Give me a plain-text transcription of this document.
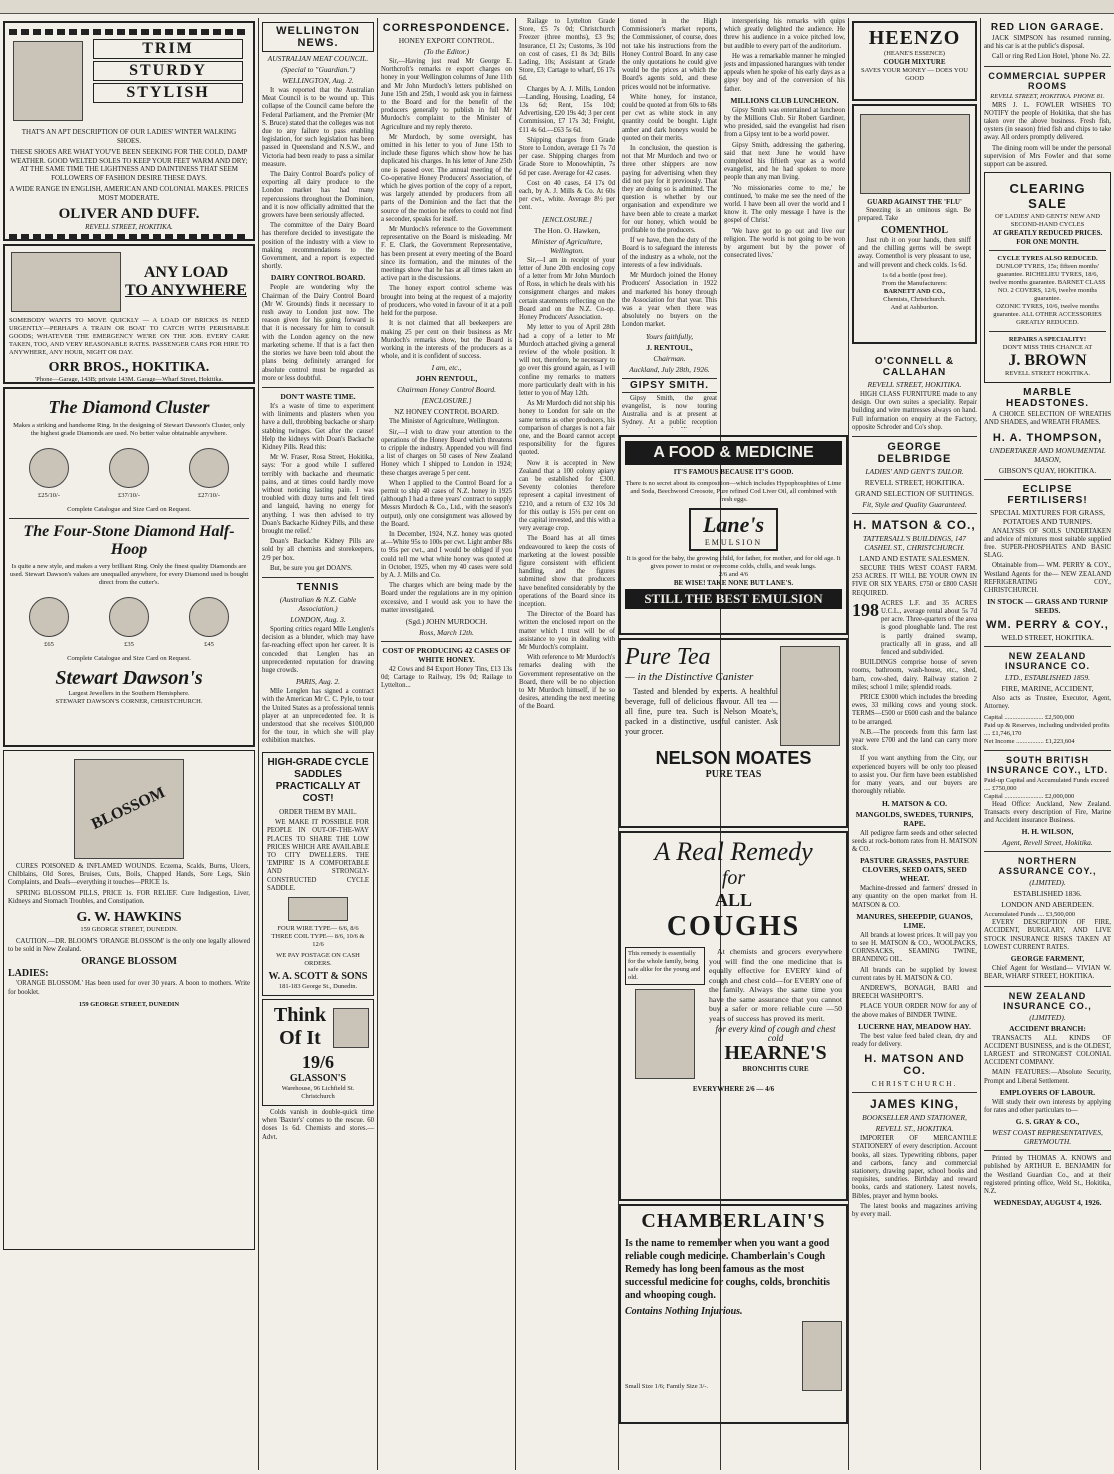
TRIM
STURDY
STYLISH
THAT'S AN APT DESCRIPTION OF OUR LADIES' WINTER WALKING SHOES.
THESE SHOES ARE WHAT YOU'VE BEEN SEEKING FOR THE COLD, DAMP WEATHER. GOOD WELTED SOLES TO KEEP YOUR FEET WARM AND DRY; AT THE SAME TIME THE LIGHTNESS AND DAINTINESS THAT SEEM FOLLOWERS OF FASHION DESIRE THESE DAYS.
A WIDE RANGE IN ENGLISH, AMERICAN AND COLONIAL MAKES. PRICES MOST MODERATE.
OLIVER AND DUFF.
REVELL STREET, HOKITIKA.
ANY LOAD
TO ANYWHERE
SOMEBODY WANTS TO MOVE QUICKLY — A LOAD OF BRICKS IS NEED URGENTLY—PERHAPS A TRAIN OR BOAT TO CATCH WITH PERISHABLE GOODS; WHATEVER THE EMERGENCY WE'RE ON THE JOB. EVERY CARE TAKEN, TOO, AND VERY REASONABLE RATES. PASSENGER CARS FOR HIRE TO ANYWHERE, ANY HOUR, NIGHT OR DAY.
ORR BROS., HOKITIKA.
'Phone—Garage, 143B; private 143M. Garage—Wharf Street, Hokitika.
The Diamond Cluster
Makes a striking and handsome Ring. In the designing of Stewart Dawson's Cluster, only the highest grade Diamonds are used. No better value obtainable anywhere.
£25/10/-	£37/10/-	£27/10/-
Complete Catalogue and Size Card on Request.
The Four-Stone Diamond Half-Hoop
Is quite a new style, and makes a very brilliant Ring. Only the finest quality Diamonds are used. Stewart Dawson's values are unequalled anywhere, for every Diamond used is bought direct from the cutter's.
£65	£35	£45
Complete Catalogue and Size Card on Request.
Stewart Dawson's
Largest Jewellers in the Southern Hemisphere.
STEWART DAWSON'S CORNER, CHRISTCHURCH.
BLOSSOM

CURES POISONED & INFLAMED WOUNDS. Eczema, Scalds, Burns, Ulcers, Chilblains, Old Sores, Bruises, Cuts, Boils, Chapped Hands, Sore Legs, Skin Complaints, and Deafs—everything it touches—PRICE 1s.

SPRING BLOSSOM PILLS, PRICE 1s. FOR RELIEF. Cure Indigestion, Liver, Kidneys and Stomach Troubles, and Constipation.

G. W. HAWKINS
159 GEORGE STREET, DUNEDIN.

CAUTION.—DR. BLOOM'S 'ORANGE BLOSSOM' is the only one legally allowed to be sold in New Zealand.

ORANGE BLOSSOM
LADIES:

'ORANGE BLOSSOM.' Has been used for over 30 years. A boon to mothers. Write for booklet.

159 GEORGE STREET, DUNEDIN
WELLINGTON NEWS.
AUSTRALIAN MEAT COUNCIL.
(Special to "Guardian.")
WELLINGTON, Aug. 2.

It was reported that the Australian Meat Council is to be wound up. This collapse of the Council came before the Federal Parliament, and the Premier (Mr S. Bruce) stated that the colleges was not due to any failure to pass enabling legislation, for such legislation has been passed in Queensland and N.S.W., and Victoria had been ready to pass a similar measure.

The Dairy Control Board's policy of exporting all dairy produce to the London market has had many repercussions throughout the Dominion, and it is now officially admitted that the growers have been seriously affected.

The committee of the Dairy Board has therefore decided to investigate the position of the industry with a view to making recommendations to the Government, and a report is expected shortly.

DAIRY CONTROL BOARD.

People are wondering why the Chairman of the Dairy Control Board (Mr W. Grounds) finds it necessary to rush away to London just now. The reason given for his going forward is that it is necessary for him to consult with the London agency on the new marketing scheme. If that is a fact then the stories we have been told about the plans being definitely arranged for absolute control must be regarded as more or less doubtful.

DON'T WASTE TIME.

It's a waste of time to experiment with liniments and plasters when you have a dull, throbbing backache or sharp stabbing twinges. Get after the cause! Help the kidneys with Doan's Backache Kidney Pills. Read this:

Mr W. Fraser, Rosa Street, Hokitika, says: 'For a good while I suffered terribly with backache and rheumatic pains, and at times could hardly move without noticing lasting pain. I was troubled with dizzy turns and felt tired and languid, having no energy for anything. I was then advised to try Doan's Backache Kidney Pills, and these brought me relief.'

Doan's Backache Kidney Pills are sold by all chemists and storekeepers, 2/9 per box.

But, be sure you get DOAN'S.

TENNIS
(Australian & N.Z. Cable Association.)
LONDON, Aug. 3.

Sporting critics regard Mlle Lenglen's decision as a blunder, which may have far-reaching effect upon her career. It is conceded that Lenglen has an unprecedented reputation for drawing huge crowds.

PARIS, Aug. 2.

Mlle Lenglen has signed a contract with the American Mr C. C. Pyle, to tour the United States as a professional tennis player at an unprecedented fee. It is understood that she receives $100,000 for the tour, in which she will play exhibition matches.

HIGH-GRADE CYCLE SADDLES PRACTICALLY AT COST!
ORDER THEM BY MAIL.

WE MAKE IT POSSIBLE FOR PEOPLE IN OUT-OF-THE-WAY PLACES TO SHARE THE LOW PRICES WHICH ARE AVAILABLE TO CITY DWELLERS. THE 'EMPIRE' IS A COMFORTABLE AND STRONGLY-CONSTRUCTED CYCLE SADDLE.

FOUR WIRE TYPE— 6/6, 8/6
THREE COIL TYPE— 8/6, 10/6 & 12/6
WE PAY POSTAGE ON CASH ORDERS.
W. A. SCOTT & SONS
181-183 George St., Dunedin.
Think Of It
19/6
GLASSON'S
Warehouse, 96 Lichfield St. Christchurch

Colds vanish in double-quick time when 'Baxter's' comes to the rescue. 60 doses 1s 6d. Chemists and stores.—Advt.

CORRESPONDENCE.
HONEY EXPORT CONTROL.
(To the Editor.)

Sir,—Having just read Mr George E. Northcroft's remarks re export charges on honey in your Wellington columns of June 11th and Mr John Murdoch's letters published on June 15th and 25th, I would ask you in fairness to the Board and for the benefit of the producers generally to publish in full Mr Murdoch's complaint to the Minister of Agriculture and my reply thereto.

Mr Murdoch, by some oversight, has omitted in his letter to you of June 15th to include these figures which show how he has duplicated his charges. In his letter of June 25th one is passed over. The annual meeting of the Co-operative Honey Producers' Association, of which he gives portion of the copy of a report, was largely attended by producers from all parts of the Dominion and the fact that the source of the motion he refers to could not find a seconder, speaks for itself.

Mr Murdoch's reference to the Government representative on the Board is misleading. Mr F. E. Clark, the Government Representative, has been present at every meeting of the Board since its formation, and the minutes of the meetings show that he has at all times taken an active part in the discussions.

The honey export control scheme was brought into being at the request of a majority of producers, who voted in favour of it at a poll held for the purpose.

It is not claimed that all beekeepers are making 25 per cent on their business as Mr Murdoch's remarks show, but the Board is working in the interests of the producers as a whole, and it is confident of success.

I am, etc.,
JOHN RENTOUL,
Chairman Honey Control Board.
[ENCLOSURE.]
NZ HONEY CONTROL BOARD.

The Minister of Agriculture, Wellington.

Sir,—I wish to draw your attention to the operations of the Honey Board which threatens to cripple the industry. Appended you will find a list of charges on 50 cases of New Zealand Honey which I shipped to London in 1924; these charges average 5 per cent.

When I applied to the Control Board for a permit to ship 40 cases of N.Z. honey in 1925 (although I had a three years' contract to supply Messrs Murdoch & Co., Ltd., with the season's output), only one consignment was allowed by the Board.

In December, 1924, N.Z. honey was quoted at—White 95s to 100s per cwt. Light amber 88s to 95s per cwt., and I would be obliged if you could tell me what white honey was quoted at in October, 1925, when my 40 cases were sold by A. J. Mills and Co.

The charges which are being made by the Board under the regulations are in my opinion excessive, and I would ask you to have the matter investigated.

(Sgd.) JOHN MURDOCH.
Ross, March 12th.
COST OF PRODUCING 42 CASES OF WHITE HONEY.

42 Cows and 84 Export Honey Tins, £13 13s 0d; Cartage to Railway, 19s 0d; Railage to Lyttelton...

Railage to Lyttelton Grade Store, £5 7s 0d; Christchurch Freezer (three months), £3 9s; Insurance, £1 2s; Customs, 3s 10d on cost of cases, £1 8s 3d; Bills Lading, 10s; Assistant at Grade Store, £3; Cartage to wharf, £6 17s 6d.

Charges by A. J. Mills, London—Landing, Housing, Loading, £4 13s 6d; Rent, 15s 10d; Advertising, £20 19s 4d; 3 per cent Commission, £7 17s 3d; Freight, £11 4s 6d.—£63 5s 6d.

Shipping charges from Grade Store to London, average £1 7s 7d per case. Shipping charges from Grade Store to Monowhiptin, 7s 6d per case. Average for 42 cases.

Cost on 40 cases, £4 17s 0d each, by A. J. Mills & Co. At 60s per cwt., white. Average 8½ per cent.

[ENCLOSURE.]
The Hon. O. Hawken,
Minister of Agriculture, Wellington.

Sir,—I am in receipt of your letter of June 20th enclosing copy of a letter from Mr John Murdoch of Ross, in which he deals with his consignment charges and makes certain statements reflecting on the Board and on the N.Z. Co-op. Honey Producers' Association.

My letter to you of April 28th had a copy of a letter to Mr Murdoch attached giving a general review of the whole position. It will not, therefore, be necessary to go over this ground again, as I will confine my remarks to matters more particularly dealt with in his letter to you of May 12th.

As Mr Murdoch did not ship his honey to London for sale on the same terms as other producers, his comparison of charges is not a fair one, and the Board cannot accept responsibility for the figures quoted.

Now it is accepted in New Zealand that a 100 colony apiary can be established for £300. Seventy colonies therefore represent a capital investment of £210, and a return of £32 10s 3d for this outlay is 15½ per cent on the capital invested, and this with a very average crop.

The Board has at all times endeavoured to keep the costs of marketing at the lowest possible figure consistent with efficient handling, and the figures submitted show that producers have benefited considerably by the operations of the Board since its inception.

The Director of the Board has written the enclosed report on the matter which I trust will be of assistance to you in dealing with Mr Murdoch's complaint.

With reference to Mr Murdoch's remarks dealing with the Government representative on the Board, there will be no objection to Mr Murdoch himself, if he so desires, attending the next meeting of the Board.

tioned in the High Commissioner's market reports, the Commissioner, of course, does not take his instructions from the Honey Control Board. In any case the only quotations he could give would be the prices at which the Board's agents sold, and these prices would not be informative.

White honey, for instance, could be quoted at from 60s to 68s per cwt as white stock in any quantity could be bought. Light amber and dark honeys would be quoted on their merits.

In conclusion, the question is not that Mr Murdoch and two or three other shippers are now paying for advertising when they did not pay for it previously. That they are doing so is admitted. The question is whether by our organisation and expenditure we have been able to create a market for our honey, which would be profitable to the producers.

If we have, then the duty of the Board is to safeguard the interests of the industry as a whole, not the interests of a few individuals.

Mr Murdoch joined the Honey Producers' Association in 1922 and marketed his honey through the Association for that year. This was a year when there was absolutely no buyers on the London market.

Yours faithfully,
J. RENTOUL,
Chairman.
Auckland, July 28th, 1926.
GIPSY SMITH.

Gipsy Smith, the great evangelist, is now touring Australia and is at present at Sydney. At a public reception

intersperising his remarks with quips which greatly delighted the audience. He threw his audience in a voice pitched low, but audible to every part of the auditorium.

He was a remarkable manner he mingled jests and impassioned harangues with tender appeals when he spoke of his early days as a gipsy boy and of the conversion of his father.

MILLIONS CLUB LUNCHEON.

Gipsy Smith was entertained at luncheon by the Millions Club. Sir Robert Gardiner, who presided, said the evangelist had risen from a Gipsy tent to be a world power.

Gipsy Smith, addressing the gathering, said that next June he would have completed his fiftieth year as a world evangelist, and he had spoken to more people than any man living.

'No missionaries come to me,' he continued, 'to make me see the need of the world. I have been all over the world and I know it. The only message I have is the gospel of Christ.'

'We have got to go out and live our religion. The world is not going to be won by argument but by the power of consecrated lives.'

HEENZO
(HEANE'S ESSENCE)
COUGH MIXTURE
SAVES YOUR MONEY — DOES YOU GOOD
GUARD AGAINST THE 'FLU'

Sneezing is an ominous sign. Be prepared. Take

COMENTHOL

Just rub it on your hands, then sniff and the chilling germs will be swept away. Comenthol is very pleasant to use, and will prevent and check colds. 1s 6d.

1s 6d a bottle (post free).
From the Manufacturers:
BARNETT AND CO.,
Chemists, Christchurch.
And at Ashburton.
A FOOD & MEDICINE
IT'S FAMOUS BECAUSE IT'S GOOD.
There is no secret about its composition—which includes Hypophosphites of Lime and Soda, Beechwood Creosote, Pure refined Cod Liver Oil, all combined with fresh eggs.
Lane's
EMULSION
It is good for the baby, the growing child, for father, for mother, and for old age. It gives power to resist or overcome colds, chills, and weak lungs.
2/6 and 4/6
BE WISE! TAKE NONE BUT LANE'S.
STILL THE BEST EMULSION
Pure Tea
— in the Distinctive Canister

Tasted and blended by experts. A healthful beverage, full of delicious flavour. All tea — all fine, pure tea. Such is Nelson Moate's, packed in a distinctive, useful canister. Ask your grocer.

NELSON MOATES
PURE TEAS
A Real Remedy
for
ALL
COUGHS
This remedy is essentially for the whole family, being safe alike for the young and old.

At chemists and grocers everywhere you will find the one medicine that is equally effective for EVERY kind of cough and chest cold—for EVERY one of the family. Always the same time you have the same assurance that you cannot buy a safer or more reliable cure —50 years of success has proved its merit.

for every kind of cough and chest cold
HEARNE'S
BRONCHITIS CURE
EVERYWHERE 2/6 — 4/6
CHAMBERLAIN'S
Is the name to remember when you want a good reliable cough medicine. Chamberlain's Cough Remedy has long been famous as the most successful medicine for coughs, colds, bronchitis and whooping cough.
Contains Nothing Injurious.
Small Size 1/6; Family Size 3/-.
O'CONNELL & CALLAHAN
REVELL STREET, HOKITIKA.

HIGH CLASS FURNITURE made to any design. Our own suites a speciality. Repair building and wire mattresses always on hand. Full information on enquiry at the Factory, opposite Schroder and Co's shop.

GEORGE DELBRIDGE
LADIES' AND GENT'S TAILOR.
REVELL STREET, HOKITIKA.
GRAND SELECTION OF SUITINGS.
Fit, Style and Quality Guaranteed.
H. MATSON & CO.,
TATTERSALL'S BUILDINGS, 147 CASHEL ST., CHRISTCHURCH.
LAND AND ESTATE SALESMEN.

SECURE THIS WEST COAST FARM. 253 ACRES. IT WILL BE YOUR OWN IN FIVE OR SIX YEARS. £750 or £800 CASH REQUIRED.

198 ACRES L.F. and 35 ACRES U.C.L., average rental about 5s 7d per acre. Three-quarters of the area is good ploughable land. The rest is partly drained swamp, practically all in grass, and all fenced and subdivided.

BUILDINGS comprise house of seven rooms, bathroom, wash-house, etc., shed, barn, cow-shed, dairy. Railway station 2 miles; school 1 mile; splendid roads.

PRICE £3000 which includes the breeding ewes, 33 milking cows and young stock. TERMS—£500 or £600 cash and the balance to be arranged.

N.B.—The proceeds from this farm last year were £700 and the land can carry more stock.

If you want anything from the City, our experienced buyers will be only too pleased to assist you. Our firm have been established for many years, and our buyers are thoroughly reliable.

H. MATSON & CO.
MANGOLDS, SWEDES, TURNIPS, RAPE.

All pedigree farm seeds and other selected seeds at rock-bottom rates from H. MATSON & CO.

PASTURE GRASSES, PASTURE CLOVERS, SEED OATS, SEED WHEAT.

Machine-dressed and farmers' dressed in any quantity on the open market from H. MATSON & CO.

MANURES, SHEEPDIP, GUANOS, LIME.

All brands at lowest prices. It will pay you to see H. MATSON & CO., WOOLPACKS, CORNSACKS, SEAMING TWINE, BRANDING OIL.

All brands can be supplied by lowest current rates by H. MATSON & CO.

ANDREW'S, BONAGH, BARI and BREECH WASHPORT'S.

PLACE YOUR ORDER NOW for any of the above makes of BINDER TWINE.

LUCERNE HAY, MEADOW HAY.

The best value feed baled clean, dry and ready for delivery.

H. MATSON AND CO.
CHRISTCHURCH.
JAMES KING,
BOOKSELLER AND STATIONER,
REVELL ST., HOKITIKA.

IMPORTER OF MERCANTILE STATIONERY of every description. Account books, all sizes. Typewriting ribbons, paper and carbons, fancy and commercial stationery, drawing paper, school books and requisites, sundries. Birthday and reward books, cards and stationery. Latest novels, Bibles, prayer and hymn books.

The latest books and magazines arriving by every mail.

RED LION GARAGE.

JACK SIMPSON has resumed running, and his car is at the public's disposal.

Call or ring Red Lion Hotel, 'phone No. 22.

COMMERCIAL SUPPER ROOMS
REVELL STREET, HOKITIKA. PHONE 81.

MRS J. L. FOWLER WISHES TO NOTIFY the people of Hokitika, that she has taken over the above business. Fresh fish, oysters (in season) fried fish and chips to take away. All orders promptly delivered.

The dining room will be under the personal supervision of Mrs Fowler and that some support can be assured.

CLEARING SALE
OF LADIES' AND GENTS' NEW AND SECOND-HAND CYCLES
AT GREATLY REDUCED PRICES.
FOR ONE MONTH.
CYCLE TYRES ALSO REDUCED.
DUNLOP TYRES, 15s; fifteen months' guarantee. RICHELIEU TYRES, 18/6, twelve months guarantee. BARNET CLASS NO. 2 COVERS, 12/6, twelve months guarantee.
OZONIC TYRES, 10/6, twelve months guarantee. ALL OTHER ACCESSORIES GREATLY REDUCED.
REPAIRS A SPECIALITY!
DON'T MISS THIS CHANCE AT
J. BROWN
REVELL STREET HOKITIKA.
MARBLE HEADSTONES.

A CHOICE SELECTION OF WREATHS AND SHADES, and WREATH FRAMES.

H. A. THOMPSON,
UNDERTAKER AND MONUMENTAL MASON,
GIBSON'S QUAY, HOKITIKA.
ECLIPSE FERTILISERS!
SPECIAL MIXTURES FOR GRASS, POTATOES AND TURNIPS.

ANALYSIS OF SOILS UNDERTAKEN and advice of mixtures most suitable supplied free. SUPER-PHOSPHATES AND BASIC SLAG.

Obtainable from— WM. PERRY & COY., Westland Agents for the— NEW ZEALAND REFRIGERATING COY., CHRISTCHURCH.

IN STOCK — GRASS AND TURNIP SEEDS.
WM. PERRY & COY.,
WELD STREET, HOKITIKA.
NEW ZEALAND INSURANCE CO.
LTD., ESTABLISHED 1859.
FIRE, MARINE, ACCIDENT,

Also acts as Trustee, Executor, Agent, Attorney.

Capital ........................ £2,500,000
Paid up & Reserves, including undivided profits .... £1,746,170
Net Income ................. £1,223,604
SOUTH BRITISH INSURANCE COY., LTD.
Paid-up Capital and Accumulated Funds exceed .... £750,000
Capital ........................ £2,000,000

Head Office: Auckland, New Zealand. Transacts every description of Fire, Marine and Accident insurance Business.

H. H. WILSON,
Agent, Revell Street, Hokitika.
NORTHERN ASSURANCE COY.,
(LIMITED).
ESTABLISHED 1836.
LONDON AND ABERDEEN.
Accumulated Funds .... £3,500,000

EVERY DESCRIPTION OF FIRE, ACCIDENT, BURGLARY, AND LIVE STOCK INSURANCE RISKS TAKEN AT LOWEST CURRENT RATES.

GEORGE FARMENT,

Chief Agent for Westland— VIVIAN W. BEAR, WHARF STREET, HOKITIKA.

NEW ZEALAND INSURANCE CO.,
(LIMITED).
ACCIDENT BRANCH:

TRANSACTS ALL KINDS OF ACCIDENT BUSINESS, and is the OLDEST, LARGEST and STRONGEST COLONIAL ACCIDENT COMPANY.

MAIN FEATURES:—Absolute Security, Prompt and Liberal Settlement.

EMPLOYERS OF LABOUR.

Will study their own interests by applying for rates and other particulars to—

G. S. GRAY & CO.,
WEST COAST REPRESENTATIVES, GREYMOUTH.

Printed by THOMAS A. KNOWS and published by ARTHUR E. BENJAMIN for the Westland Guardian Co., and at their registered printing office, Weld St., Hokitika, N.Z.

WEDNESDAY, AUGUST 4, 1926.
